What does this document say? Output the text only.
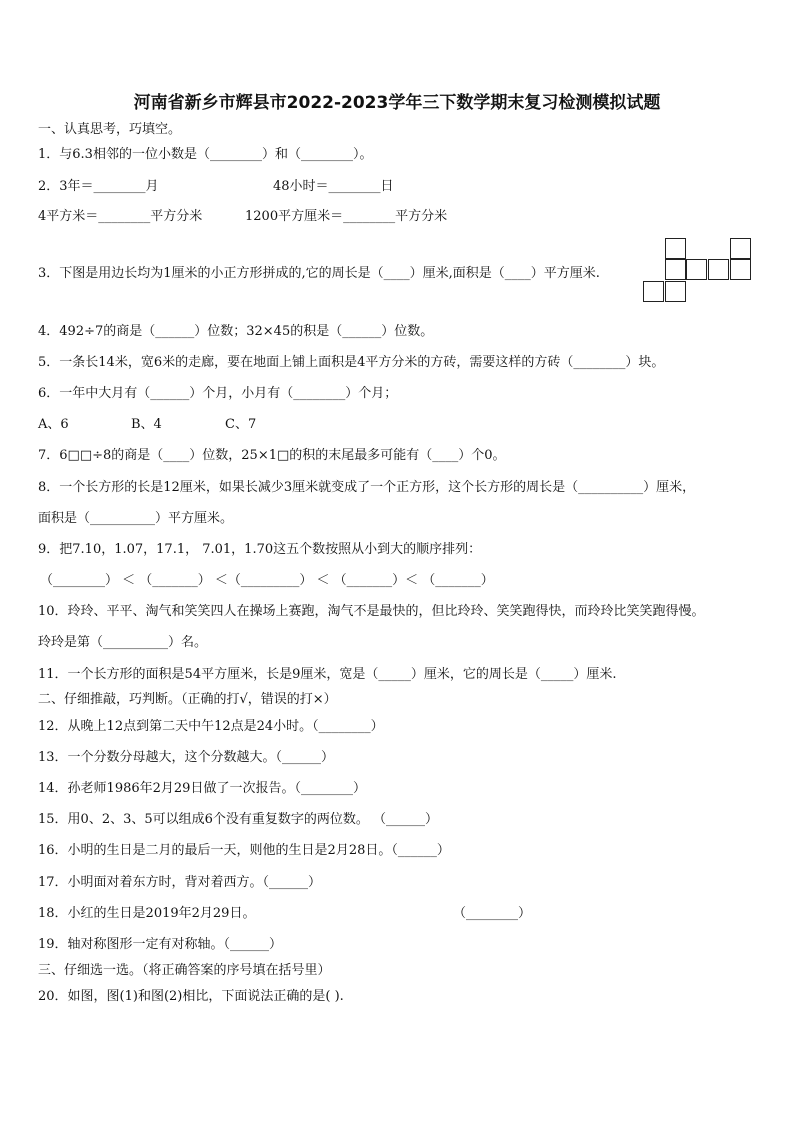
河南省新乡市辉县市2022-2023学年三下数学期末复习检测模拟试题
一、认真思考，巧填空。
1．与6.3相邻的一位小数是（________）和（________）。
2．3年＝________月	48小时＝________日
4平方米＝________平方分米	1200平方厘米＝________平方分米
3．下图是用边长均为1厘米的小正方形拼成的,它的周长是（____）厘米,面积是（____）平方厘米.
4．492÷7的商是（______）位数；32×45的积是（______）位数。
5．一条长14米，宽6米的走廊，要在地面上铺上面积是4平方分米的方砖，需要这样的方砖（________）块。
6．一年中大月有（______）个月，小月有（________）个月；
A、6	B、4	C、7
7．6□□÷8的商是（____）位数，25×1□的积的末尾最多可能有（____）个0。
8．一个长方形的长是12厘米，如果长减少3厘米就变成了一个正方形，这个长方形的周长是（__________）厘米，
面积是（__________）平方厘米。
9．把7.10，1.07，17.1， 7.01，1.70这五个数按照从小到大的顺序排列：
（________） ＜ （_______） ＜（_________） ＜ （_______）＜ （_______）
10．玲玲、平平、淘气和笑笑四人在操场上赛跑，淘气不是最快的，但比玲玲、笑笑跑得快，而玲玲比笑笑跑得慢。
玲玲是第（__________）名。
11．一个长方形的面积是54平方厘米，长是9厘米，宽是（_____）厘米，它的周长是（_____）厘米.
二、仔细推敲，巧判断。（正确的打√，错误的打×）
12．从晚上12点到第二天中午12点是24小时。（________）
13．一个分数分母越大，这个分数越大。（______）
14．孙老师1986年2月29日做了一次报告。（________）
15．用0、2、3、5可以组成6个没有重复数字的两位数。 （______）
16．小明的生日是二月的最后一天，则他的生日是2月28日。（______）
17．小明面对着东方时，背对着西方。（______）
18．小红的生日是2019年2月29日。	（________）
19．轴对称图形一定有对称轴。（______）
三、仔细选一选。（将正确答案的序号填在括号里）
20．如图，图(1)和图(2)相比，下面说法正确的是( ).
